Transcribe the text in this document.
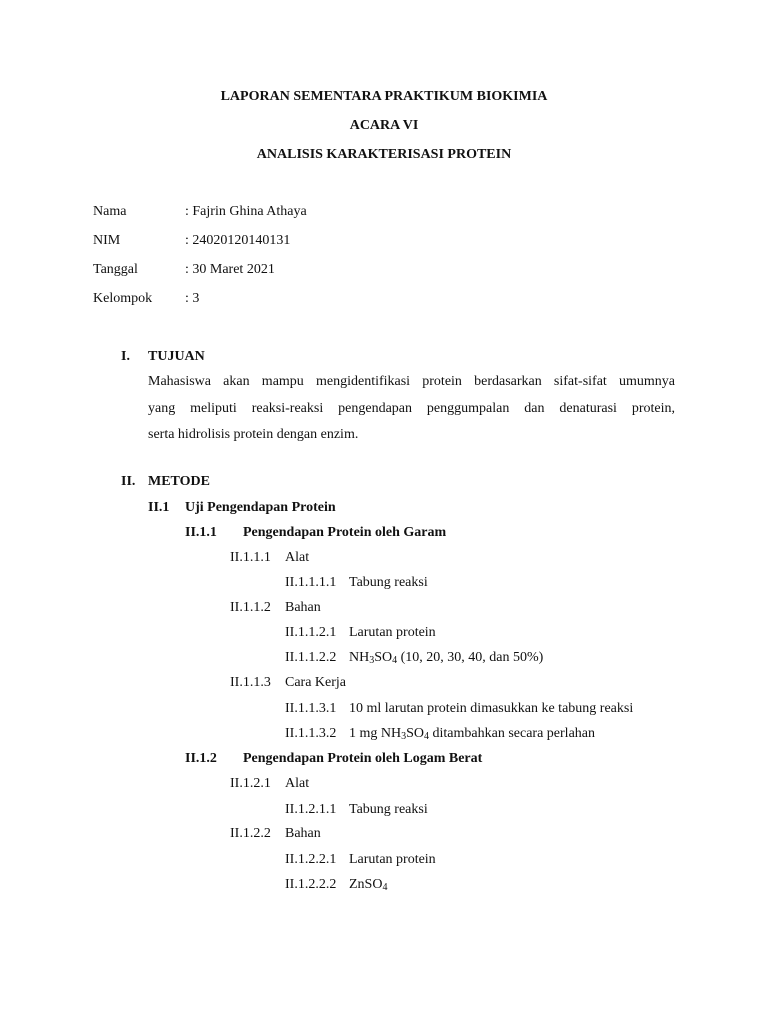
LAPORAN SEMENTARA PRAKTIKUM BIOKIMIA
ACARA VI
ANALISIS KARAKTERISASI PROTEIN
Nama	: Fajrin Ghina Athaya
NIM	: 24020120140131
Tanggal	: 30 Maret 2021
Kelompok : 3
I. TUJUAN
Mahasiswa akan mampu mengidentifikasi protein berdasarkan sifat-sifat umumnya
yang meliputi reaksi-reaksi pengendapan penggumpalan dan denaturasi protein,
serta hidrolisis protein dengan enzim.
II. METODE
II.1 Uji Pengendapan Protein
II.1.1 Pengendapan Protein oleh Garam
II.1.1.1 Alat
II.1.1.1.1 Tabung reaksi
II.1.1.2 Bahan
II.1.1.2.1 Larutan protein
II.1.1.2.2 $NH_3SO_4$ (10, 20, 30, 40, dan 50%)
II.1.1.3 Cara Kerja
II.1.1.3.1 10 ml larutan protein dimasukkan ke tabung reaksi
II.1.1.3.2 1 mg $NH_3SO_4$ ditambahkan secara perlahan
II.1.2 Pengendapan Protein oleh Logam Berat
II.1.2.1 Alat
II.1.2.1.1 Tabung reaksi
II.1.2.2 Bahan
II.1.2.2.1 Larutan protein
II.1.2.2.2 ZnSO$_4$
